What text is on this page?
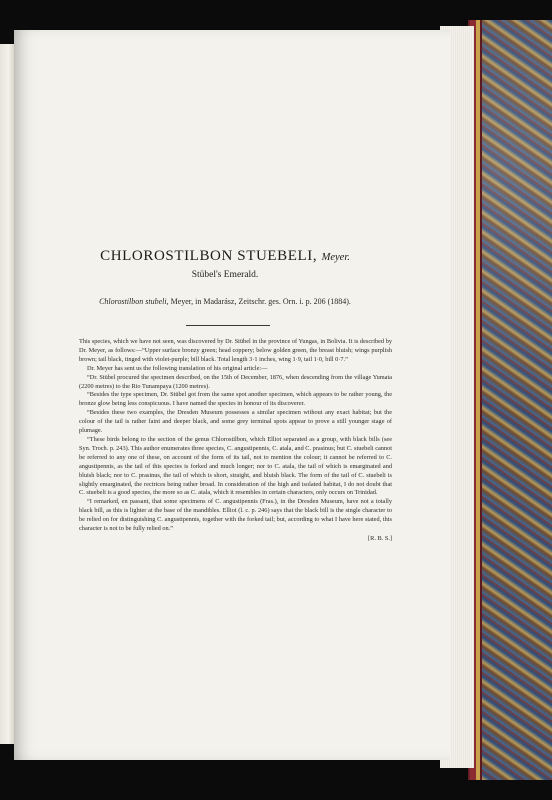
CHLOROSTILBON STUEBELI, Meyer.
Stübel's Emerald.
Chlorostilbon stubeli, Meyer, in Madarász, Zeitschr. ges. Orn. i. p. 206 (1884).

This species, which we have not seen, was discovered by Dr. Stübel in the province of Yungas, in Bolivia. It is described by Dr. Meyer, as follows:—“Upper surface bronzy green; head coppery; below golden green, the breast bluish; wings purplish brown; tail black, tinged with violet-purple; bill black. Total length 3·1 inches, wing 1·9, tail 1·0, bill 0·7.”

Dr. Meyer has sent us the following translation of his original article:—

“Dr. Stübel procured the specimen described, on the 15th of December, 1876, when descending from the village Yumata (2200 metres) to the Rio Tunampaya (1200 metres).

“Besides the type specimen, Dr. Stübel got from the same spot another specimen, which appears to be rather young, the bronze glow being less conspicuous. I have named the species in honour of its discoverer.

“Besides these two examples, the Dresden Museum possesses a similar specimen without any exact habitat; but the colour of the tail is rather faint and deeper black, and some grey terminal spots appear to prove a still younger stage of plumage.

“These birds belong to the section of the genus Chlorostilbon, which Elliot separated as a group, with black bills (see Syn. Troch. p. 243). This author enumerates three species, C. angustipennis, C. atala, and C. prasinus; but C. stuebeli cannot be referred to any one of these, on account of the form of its tail, not to mention the colour; it cannot be referred to C. angustipennis, as the tail of this species is forked and much longer; nor to C. atala, the tail of which is emarginated and bluish black; nor to C. prasinus, the tail of which is short, straight, and bluish black. The form of the tail of C. stuebeli is slightly emarginated, the rectrices being rather broad. In consideration of the high and isolated habitat, I do not doubt that C. stuebeli is a good species, the more so as C. atala, which it resembles in certain characters, only occurs on Trinidad.

“I remarked, en passant, that some specimens of C. angustipennis (Fras.), in the Dresden Museum, have not a totally black bill, as this is lighter at the base of the mandibles. Elliot (l. c. p. 246) says that the black bill is the single character to be relied on for distinguishing C. angustipennis, together with the forked tail; but, according to what I have here stated, this character is not to be fully relied on.”

[R. B. S.]
